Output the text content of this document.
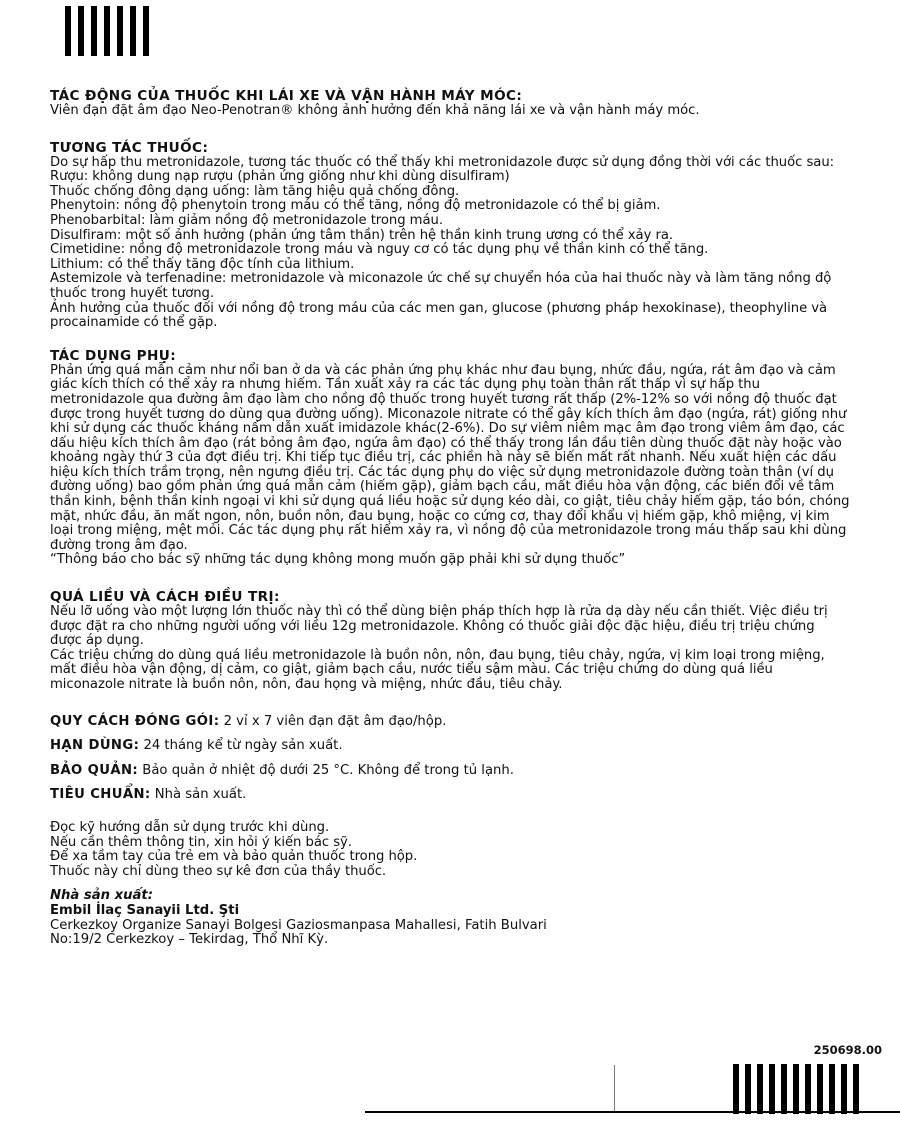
TÁC ĐỘNG CỦA THUỐC KHI LÁI XE VÀ VẬN HÀNH MÁY MÓC:

Viên đạn đặt âm đạo Neo-Penotran® không ảnh hưởng đến khả năng lái xe và vận hành máy móc.

TƯƠNG TÁC THUỐC:

Do sự hấp thu metronidazole, tương tác thuốc có thể thấy khi metronidazole được sử dụng đồng thời với các thuốc sau:

Rượu: không dung nạp rượu (phản ứng giống như khi dùng disulfiram)

Thuốc chống đông dạng uống: làm tăng hiệu quả chống đông.

Phenytoin: nồng độ phenytoin trong máu có thể tăng, nồng độ metronidazole có thể bị giảm.

Phenobarbital: làm giảm nồng độ metronidazole trong máu.

Disulfiram: một số ảnh hưởng (phản ứng tâm thần) trên hệ thần kinh trung ương có thể xảy ra.

Cimetidine: nồng độ metronidazole trong máu và nguy cơ có tác dụng phụ về thần kinh có thể tăng.

Lithium: có thể thấy tăng độc tính của lithium.

Astemizole và terfenadine: metronidazole và miconazole ức chế sự chuyển hóa của hai thuốc này và làm tăng nồng độ thuốc trong huyết tương.

Ảnh hưởng của thuốc đối với nồng độ trong máu của các men gan, glucose (phương pháp hexokinase), theophyline và procainamide có thể gặp.

TÁC DỤNG PHỤ:

Phản ứng quá mẫn cảm như nổi ban ở da và các phản ứng phụ khác như đau bụng, nhức đầu, ngứa, rát âm đạo và cảm giác kích thích có thể xảy ra nhưng hiếm. Tần xuất xảy ra các tác dụng phụ toàn thân rất thấp vì sự hấp thu metronidazole qua đường âm đạo làm cho nồng độ thuốc trong huyết tương rất thấp (2%-12% so với nồng độ thuốc đạt được trong huyết tương do dùng qua đường uống). Miconazole nitrate có thể gây kích thích âm đạo (ngứa, rát) giống như khi sử dụng các thuốc kháng nấm dẫn xuất imidazole khác(2-6%). Do sự viêm niêm mạc âm đạo trong viêm âm đạo, các dấu hiệu kích thích âm đạo (rát bỏng âm đạo, ngứa âm đạo) có thể thấy trong lần đầu tiên dùng thuốc đặt này hoặc vào khoảng ngày thứ 3 của đợt điều trị. Khi tiếp tục điều trị, các phiền hà này sẽ biến mất rất nhanh. Nếu xuất hiện các dấu hiệu kích thích trầm trọng, nên ngưng điều trị. Các tác dụng phụ do việc sử dụng metronidazole đường toàn thân (ví dụ đường uống) bao gồm phản ứng quá mẫn cảm (hiếm gặp), giảm bạch cầu, mất điều hòa vận động, các biến đổi về tâm thần kinh, bệnh thần kinh ngoại vi khi sử dụng quá liều hoặc sử dụng kéo dài, co giật, tiêu chảy hiếm gặp, táo bón, chóng mặt, nhức đầu, ăn mất ngon, nôn, buồn nôn, đau bụng, hoặc co cứng cơ, thay đổi khẩu vị hiếm gặp, khô miệng, vị kim loại trong miệng, mệt mỏi. Các tác dụng phụ rất hiếm xảy ra, vì nồng độ của metronidazole trong máu thấp sau khi dùng đường trong âm đạo.

“Thông báo cho bác sỹ những tác dụng không mong muốn gặp phải khi sử dụng thuốc”

QUÁ LIỀU VÀ CÁCH ĐIỀU TRỊ:

Nếu lỡ uống vào một lượng lớn thuốc này thì có thể dùng biện pháp thích hợp là rửa dạ dày nếu cần thiết. Việc điều trị được đặt ra cho những người uống với liều 12g metronidazole. Không có thuốc giải độc đặc hiệu, điều trị triệu chứng được áp dụng.

Các triệu chứng do dùng quá liều metronidazole là buồn nôn, nôn, đau bụng, tiêu chảy, ngứa, vị kim loại trong miệng, mất điều hòa vận động, dị cảm, co giật, giảm bạch cầu, nước tiểu sậm màu. Các triệu chứng do dùng quá liều miconazole nitrate là buồn nôn, nôn, đau họng và miệng, nhức đầu, tiêu chảy.

QUY CÁCH ĐÓNG GÓI: 2 vỉ x 7 viên đạn đặt âm đạo/hộp.

HẠN DÙNG: 24 tháng kể từ ngày sản xuất.

BẢO QUẢN: Bảo quản ở nhiệt độ dưới 25 °C. Không để trong tủ lạnh.

TIÊU CHUẨN: Nhà sản xuất.

Đọc kỹ hướng dẫn sử dụng trước khi dùng.

Nếu cần thêm thông tin, xin hỏi ý kiến bác sỹ.

Để xa tầm tay của trẻ em và bảo quản thuốc trong hộp.

Thuốc này chỉ dùng theo sự kê đơn của thầy thuốc.

Nhà sản xuất:

Embil İlaç Sanayii Ltd. Şti

Cerkezkoy Organize Sanayi Bolgesi Gaziosmanpasa Mahallesi, Fatih Bulvari

No:19/2 Cerkezkoy – Tekirdag, Thổ Nhĩ Kỳ.

250698.00
